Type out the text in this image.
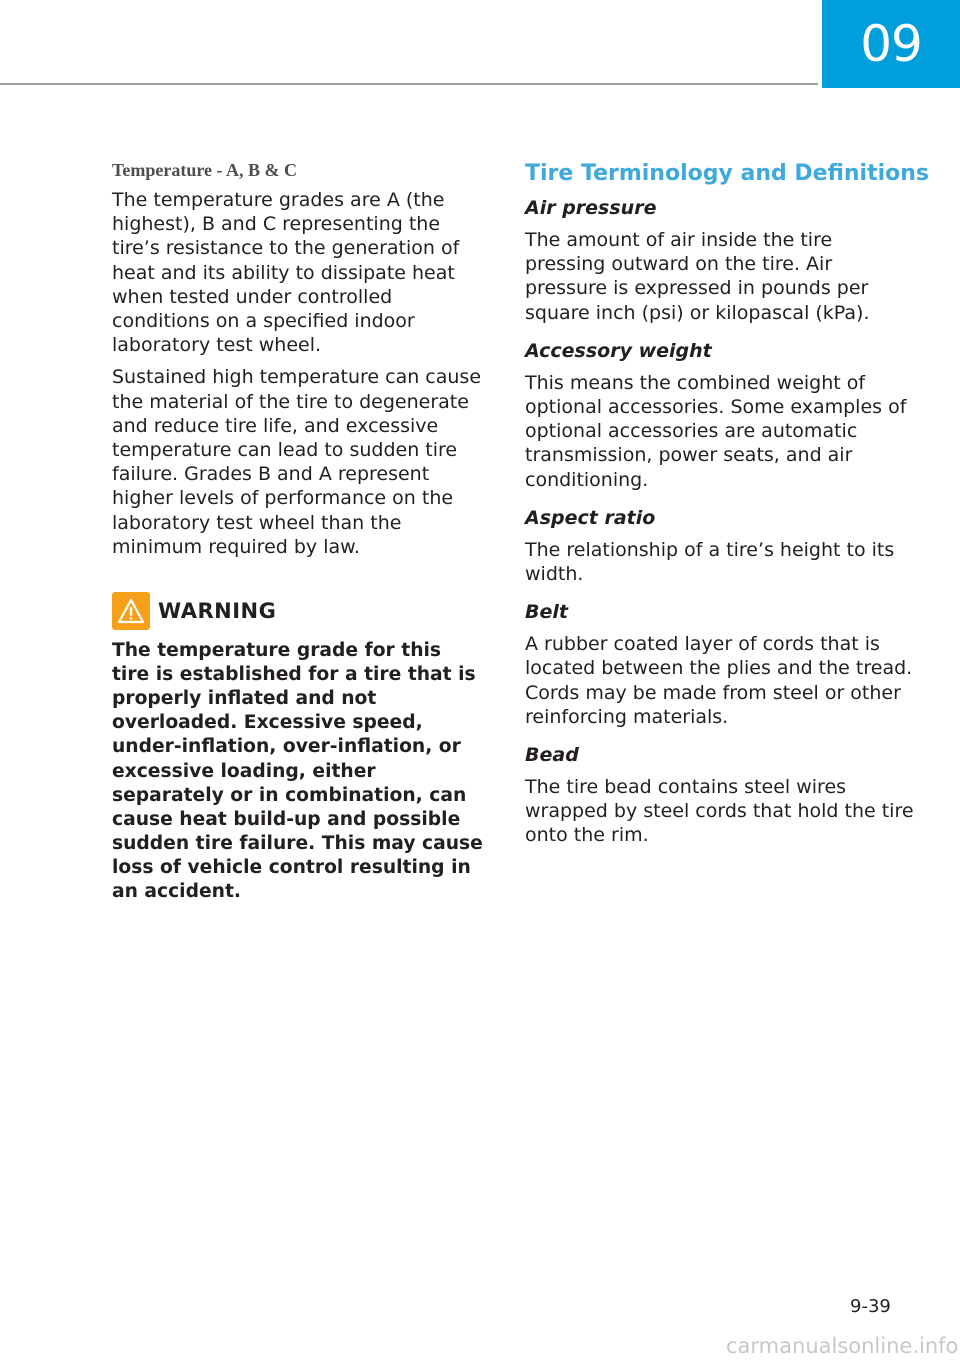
09
Temperature - A, B & C

The temperature grades are A (the highest), B and C representing the tire’s resistance to the generation of heat and its ability to dissipate heat when tested under controlled conditions on a specified indoor laboratory test wheel.

Sustained high temperature can cause the material of the tire to degenerate and reduce tire life, and excessive temperature can lead to sudden tire failure. Grades B and A represent higher levels of performance on the laboratory test wheel than the minimum required by law.

WARNING

The temperature grade for this tire is established for a tire that is properly inflated and not overloaded. Excessive speed, under-inflation, over-inflation, or excessive loading, either separately or in combination, can cause heat build-up and possible sudden tire failure. This may cause loss of vehicle control resulting in an accident.

Tire Terminology and Definitions
Air pressure

The amount of air inside the tire pressing outward on the tire. Air pressure is expressed in pounds per square inch (psi) or kilopascal (kPa).

Accessory weight

This means the combined weight of optional accessories. Some examples of optional accessories are automatic transmission, power seats, and air conditioning.

Aspect ratio

The relationship of a tire’s height to its width.

Belt

A rubber coated layer of cords that is located between the plies and the tread. Cords may be made from steel or other reinforcing materials.

Bead

The tire bead contains steel wires wrapped by steel cords that hold the tire onto the rim.

9-39
carmanualsonline.info
